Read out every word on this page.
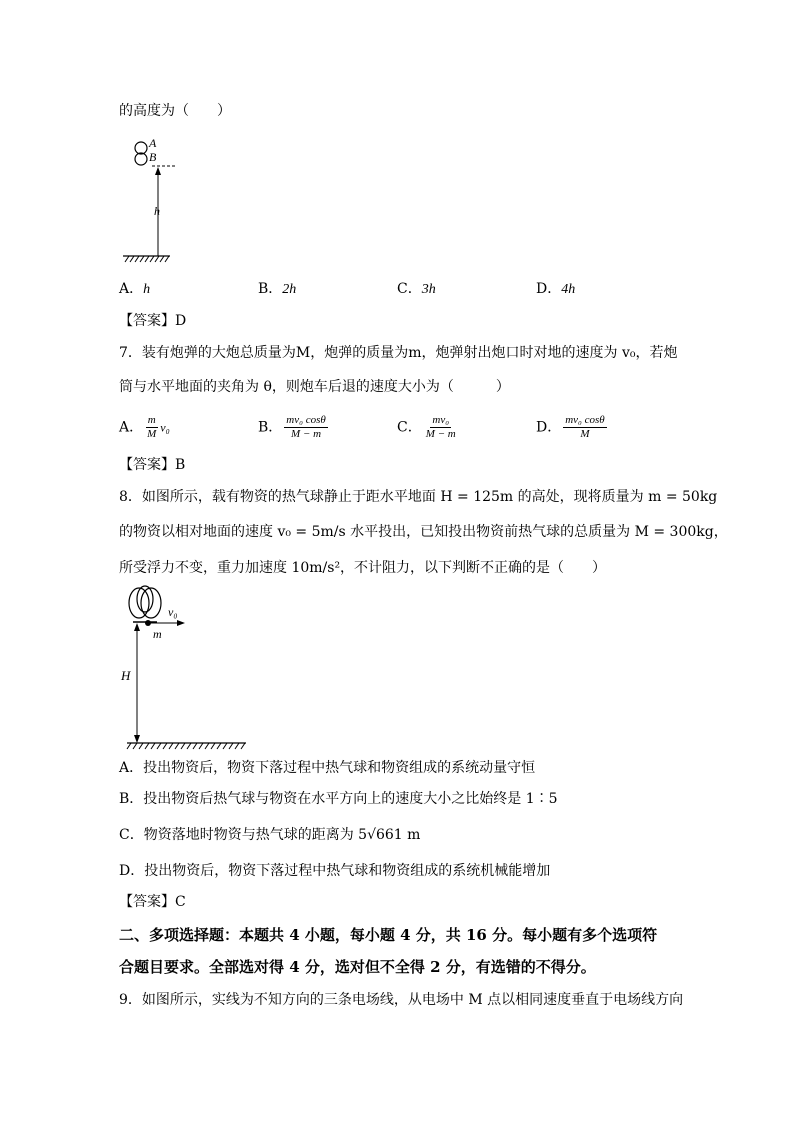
的高度为（　　）
A
B
h
A．h	B．2h	C．3h	D．4h
【答案】D
7．装有炮弹的大炮总质量为M，炮弹的质量为m，炮弹射出炮口时对地的速度为 v₀，若炮
筒与水平地面的夹角为 θ，则炮车后退的速度大小为（　　　）
A． $\frac{m}{M} v_0$	B． $\frac{\text{mv₀ cosθ}}{M - m}$	C． $\frac{\text{mv₀}}{M - m}$	D． $\frac{\text{mv₀ cosθ}}{M}$
【答案】B
8．如图所示，载有物资的热气球静止于距水平地面 H = 125m 的高处，现将质量为 m = 50kg
的物资以相对地面的速度 v₀ = 5m/s 水平投出，已知投出物资前热气球的总质量为 M = 300kg，
所受浮力不变，重力加速度 10m/s²，不计阻力，以下判断不正确的是（　　）
v₀
m
H
A．投出物资后，物资下落过程中热气球和物资组成的系统动量守恒
B．投出物资后热气球与物资在水平方向上的速度大小之比始终是 1∶5
C．物资落地时物资与热气球的距离为 5√661 m
D．投出物资后，物资下落过程中热气球和物资组成的系统机械能增加
【答案】C
二、多项选择题：本题共 4 小题，每小题 4 分，共 16 分。每小题有多个选项符
合题目要求。全部选对得 4 分，选对但不全得 2 分，有选错的不得分。
9．如图所示，实线为不知方向的三条电场线，从电场中 M 点以相同速度垂直于电场线方向
